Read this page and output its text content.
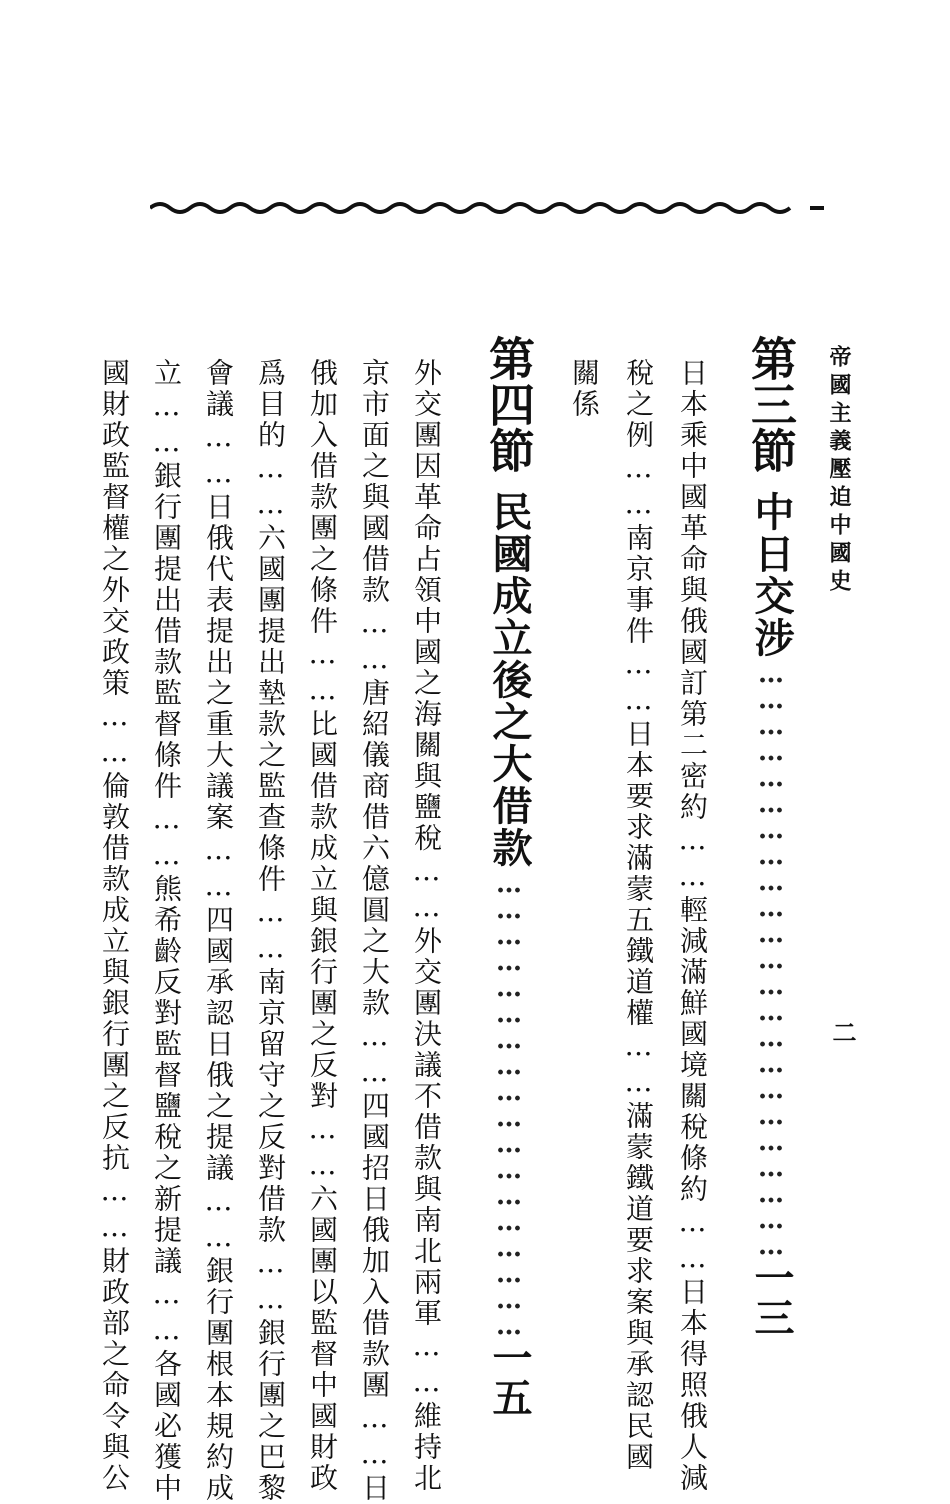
帝國主義壓迫中國史
二
第三節中日交涉……………………………………………………………一三
日本乘中國革命與俄國訂第二密約……輕減滿鮮國境關稅條約……日本得照俄人減
稅之例……南京事件……日本要求滿蒙五鐵道權……滿蒙鐵道要求案與承認民國
關係
第四節民國成立後之大借款………………………………………………一五
外交團因革命占領中國之海關與鹽稅……外交團決議不借款與南北兩軍……維持北
京市面之與國借款……唐紹儀商借六億圓之大款……四國招日俄加入借款團……日
俄加入借款團之條件……比國借款成立與銀行團之反對……六國團以監督中國財政
爲目的……六國團提出墊款之監查條件……南京留守之反對借款……銀行團之巴黎
會議……日俄代表提出之重大議案……四國承認日俄之提議……銀行團根本規約成
立……銀行團提出借款監督條件……熊希齡反對監督鹽稅之新提議……各國必獲中
國財政監督權之外交政策……倫敦借款成立與銀行團之反抗……財政部之命令與公
